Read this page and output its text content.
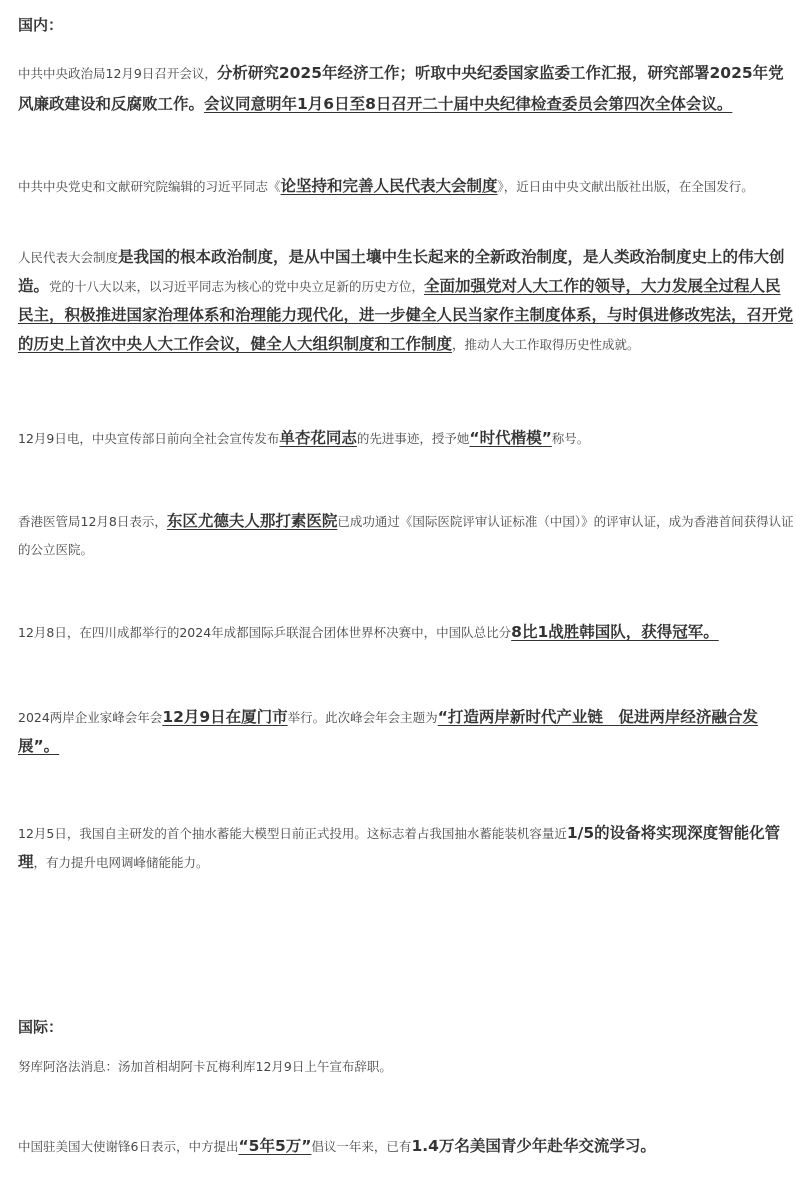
国内：

中共中央政治局12月9日召开会议，分析研究2025年经济工作；听取中央纪委国家监委工作汇报，研究部署2025年党风廉政建设和反腐败工作。会议同意明年1月6日至8日召开二十届中央纪律检查委员会第四次全体会议。

中共中央党史和文献研究院编辑的习近平同志《论坚持和完善人民代表大会制度》，近日由中央文献出版社出版，在全国发行。

人民代表大会制度是我国的根本政治制度，是从中国土壤中生长起来的全新政治制度，是人类政治制度史上的伟大创造。党的十八大以来，以习近平同志为核心的党中央立足新的历史方位，全面加强党对人大工作的领导，大力发展全过程人民民主，积极推进国家治理体系和治理能力现代化，进一步健全人民当家作主制度体系，与时俱进修改宪法，召开党的历史上首次中央人大工作会议，健全人大组织制度和工作制度，推动人大工作取得历史性成就。

12月9日电，中央宣传部日前向全社会宣传发布单杏花同志的先进事迹，授予她“时代楷模”称号。

香港医管局12月8日表示，东区尤德夫人那打素医院已成功通过《国际医院评审认证标准（中国）》的评审认证，成为香港首间获得认证的公立医院。

12月8日，在四川成都举行的2024年成都国际乒联混合团体世界杯决赛中，中国队总比分8比1战胜韩国队，获得冠军。

2024两岸企业家峰会年会12月9日在厦门市举行。此次峰会年会主题为“打造两岸新时代产业链　促进两岸经济融合发展”。

12月5日，我国自主研发的首个抽水蓄能大模型日前正式投用。这标志着占我国抽水蓄能装机容量近1/5的设备将实现深度智能化管理，有力提升电网调峰储能能力。

国际：

努库阿洛法消息：汤加首相胡阿卡瓦梅利库12月9日上午宣布辞职。

中国驻美国大使谢锋6日表示，中方提出“5年5万”倡议一年来，已有1.4万名美国青少年赴华交流学习。
